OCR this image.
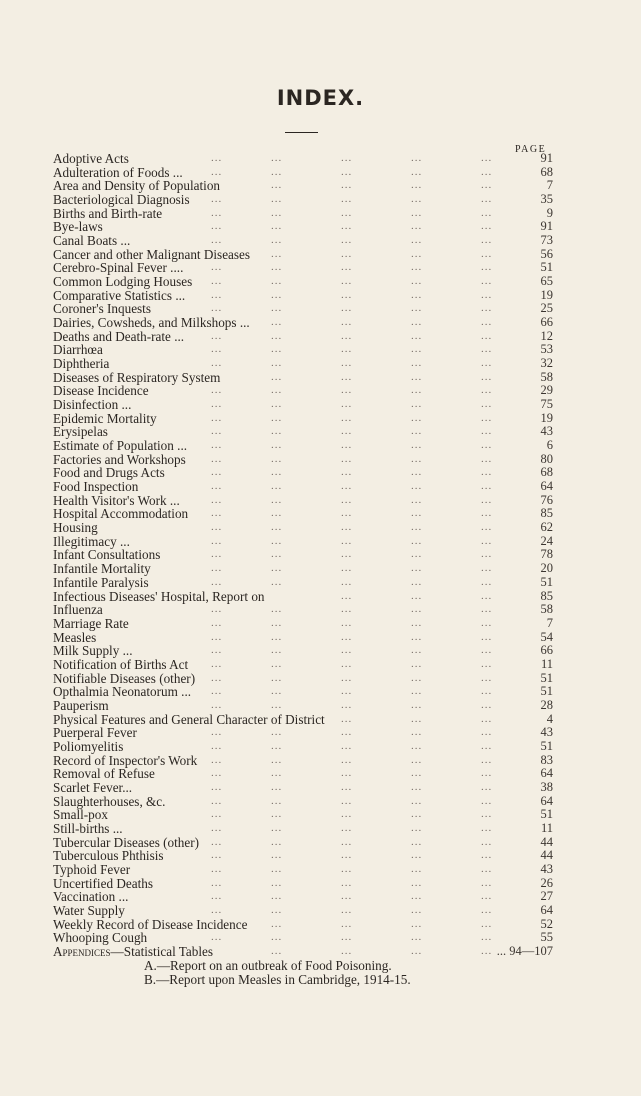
INDEX.
PAGE
...	...	...	...	...
Adoptive Acts	91
...	...	...	...	...
Adulteration of Foods ...	68
...	...	...	...
Area and Density of Population	7
...	...	...	...	...
Bacteriological Diagnosis	35
...	...	...	...	...
Births and Birth-rate	9
...	...	...	...	...
Bye-laws	91
...	...	...	...	...
Canal Boats ...	73
...	...	...	...
Cancer and other Malignant Diseases	56
...	...	...	...	...
Cerebro-Spinal Fever ....	51
...	...	...	...	...
Common Lodging Houses	65
...	...	...	...	...
Comparative Statistics ...	19
...	...	...	...	...
Coroner's Inquests	25
...	...	...	...
Dairies, Cowsheds, and Milkshops ...	66
...	...	...	...	...
Deaths and Death-rate ...	12
...	...	...	...	...
Diarrhœa	53
...	...	...	...	...
Diphtheria	32
...	...	...	...
Diseases of Respiratory System	58
...	...	...	...	...
Disease Incidence	29
...	...	...	...	...
Disinfection ...	75
...	...	...	...	...
Epidemic Mortality	19
...	...	...	...	...
Erysipelas	43
...	...	...	...	...
Estimate of Population ...	6
...	...	...	...	...
Factories and Workshops	80
...	...	...	...	...
Food and Drugs Acts	68
...	...	...	...	...
Food Inspection	64
...	...	...	...	...
Health Visitor's Work ...	76
...	...	...	...	...
Hospital Accommodation	85
...	...	...	...	...
Housing	62
...	...	...	...	...
Illegitimacy ...	24
...	...	...	...	...
Infant Consultations	78
...	...	...	...	...
Infantile Mortality	20
...	...	...	...	...
Infantile Paralysis	51
...	...	...
Infectious Diseases' Hospital, Report on	85
...	...	...	...	...
Influenza	58
...	...	...	...	...
Marriage Rate	7
...	...	...	...	...
Measles	54
...	...	...	...	...
Milk Supply ...	66
...	...	...	...	...
Notification of Births Act	11
...	...	...	...	...
Notifiable Diseases (other)	51
...	...	...	...	...
Opthalmia Neonatorum ...	51
...	...	...	...	...
Pauperism	28
...	...	...
Physical Features and General Character of District	4
...	...	...	...	...
Puerperal Fever	43
...	...	...	...	...
Poliomyelitis	51
...	...	...	...	...
Record of Inspector's Work	83
...	...	...	...	...
Removal of Refuse	64
...	...	...	...	...
Scarlet Fever...	38
...	...	...	...	...
Slaughterhouses, &c.	64
...	...	...	...	...
Small-pox	51
...	...	...	...	...
Still-births ...	11
...	...	...	...	...
Tubercular Diseases (other)	44
...	...	...	...	...
Tuberculous Phthisis	44
...	...	...	...	...
Typhoid Fever	43
...	...	...	...	...
Uncertified Deaths	26
...	...	...	...	...
Vaccination ...	27
...	...	...	...	...
Water Supply	64
...	...	...	...
Weekly Record of Disease Incidence	52
...	...	...	...	...
Whooping Cough	55
...	...	...	...
Appendices—Statistical Tables	... 94—107
A.—Report on an outbreak of Food Poisoning.
B.—Report upon Measles in Cambridge, 1914-15.
